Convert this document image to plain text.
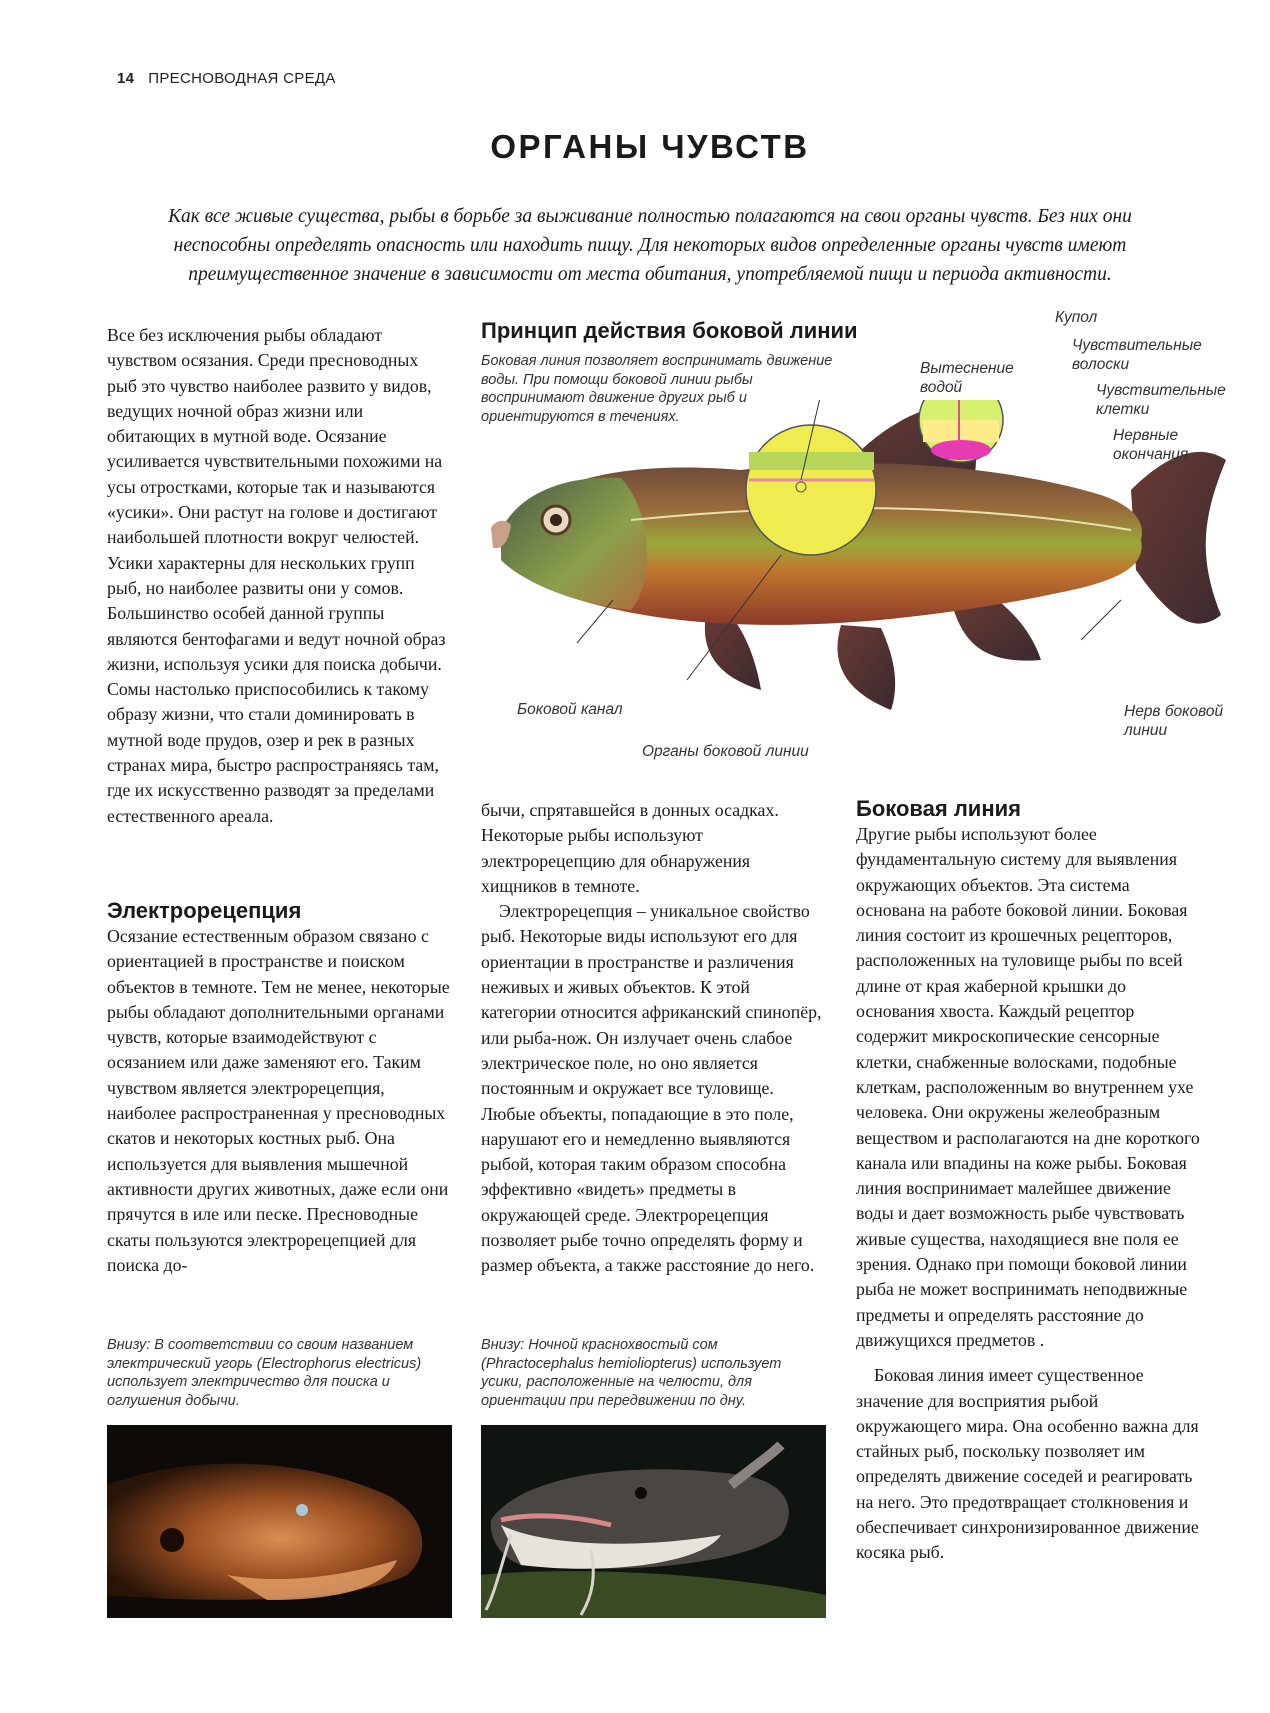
14 ПРЕСНОВОДНАЯ СРЕДА
ОРГАНЫ ЧУВСТВ
Как все живые существа, рыбы в борьбе за выживание полностью полагаются на свои органы чувств. Без них они неспособны определять опасность или находить пищу. Для некоторых видов определенные органы чувств имеют преимущественное значение в зависимости от места обитания, употребляемой пищи и периода активности.

Все без исключения рыбы обладают чувством осязания. Среди пресноводных рыб это чувство наиболее развито у видов, ведущих ночной образ жизни или обитающих в мутной воде. Осязание усиливается чувствительными похожими на усы отростками, которые так и называются «усики». Они растут на голове и достигают наибольшей плотности вокруг челюстей. Усики характерны для нескольких групп рыб, но наиболее развиты они у сомов. Большинство особей данной группы являются бентофагами и ведут ночной образ жизни, используя усики для поиска добычи. Сомы настолько приспособились к такому образу жизни, что стали доминировать в мутной воде прудов, озер и рек в разных странах мира, быстро распространяясь там, где их искусственно разводят за пределами естественного ареала.

Электрорецепция

Осязание естественным образом связано с ориентацией в пространстве и поиском объектов в темноте. Тем не менее, некоторые рыбы обладают дополнительными органами чувств, которые взаимодействуют с осязанием или даже заменяют его. Таким чувством является электрорецепция, наиболее распространенная у пресноводных скатов и некоторых костных рыб. Она используется для выявления мышечной активности других животных, даже если они прячутся в иле или песке. Пресноводные скаты пользуются электрорецепцией для поиска до-

Принцип действия боковой линии
Боковая линия позволяет воспринимать движение воды. При помощи боковой линии рыбы воспринимают движение других рыб и ориентируются в течениях.
Купол
Чувствительные волоски
Вытеснение водой	Чувствительные клетки
Нервные окончания
Боковой канал
Органы боковой линии
Нерв боковой линии

бычи, спрятавшейся в донных осадках. Некоторые рыбы используют электрорецепцию для обнаружения хищников в темноте.

Электрорецепция – уникальное свойство рыб. Некоторые виды используют его для ориентации в пространстве и различения неживых и живых объектов. К этой категории относится африканский спинопёр, или рыба-нож. Он излучает очень слабое электрическое поле, но оно является постоянным и окружает все туловище. Любые объекты, попадающие в это поле, нарушают его и немедленно выявляются рыбой, которая таким образом способна эффективно «видеть» предметы в окружающей среде. Электрорецепция позволяет рыбе точно определять форму и размер объекта, а также расстояние до него.

Боковая линия

Другие рыбы используют более фундаментальную систему для выявления окружающих объектов. Эта система основана на работе боковой линии. Боковая линия состоит из крошечных рецепторов, расположенных на туловище рыбы по всей длине от края жаберной крышки до основания хвоста. Каждый рецептор содержит микроскопические сенсорные клетки, снабженные волосками, подобные клеткам, расположенным во внутреннем ухе человека. Они окружены желеобразным веществом и располагаются на дне короткого канала или впадины на коже рыбы. Боковая линия воспринимает малейшее движение воды и дает возможность рыбе чувствовать живые существа, находящиеся вне поля ее зрения. Однако при помощи боковой линии рыба не может воспринимать неподвижные предметы и определять расстояние до движущихся предметов .

Боковая линия имеет существенное значение для восприятия рыбой окружающего мира. Она особенно важна для стайных рыб, поскольку позволяет им определять движение соседей и реагировать на него. Это предотвращает столкновения и обеспечивает синхронизированное движение косяка рыб.

Внизу: В соответствии со своим названием электрический угорь (Electrophorus electricus) использует электричество для поиска и оглушения добычи.
Внизу: Ночной краснохвостый сом (Phractocephalus hemioliopterus) использует усики, расположенные на челюсти, для ориентации при передвижении по дну.
